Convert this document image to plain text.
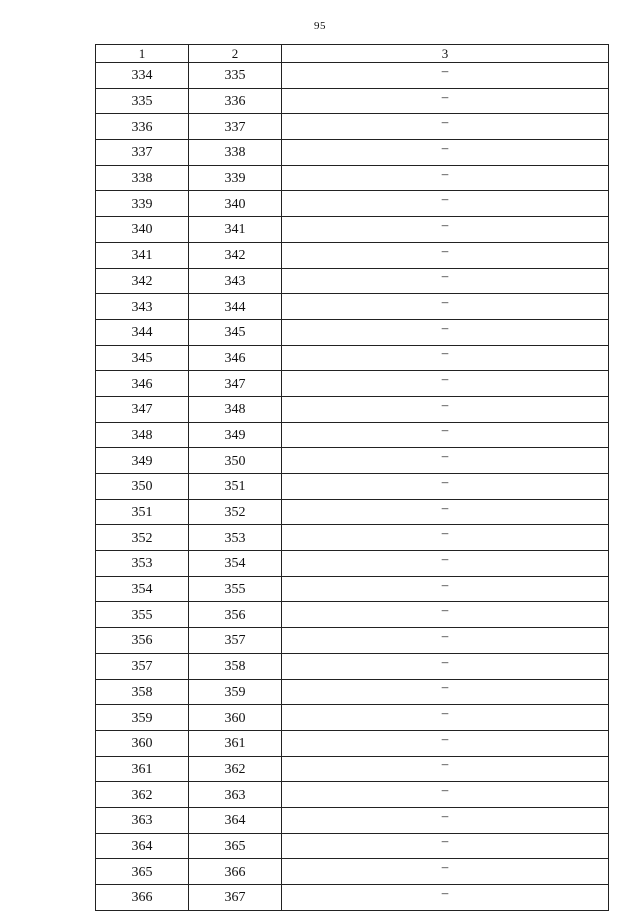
95
1	2	3
334	335	–
335	336	–
336	337	–
337	338	–
338	339	–
339	340	–
340	341	–
341	342	–
342	343	–
343	344	–
344	345	–
345	346	–
346	347	–
347	348	–
348	349	–
349	350	–
350	351	–
351	352	–
352	353	–
353	354	–
354	355	–
355	356	–
356	357	–
357	358	–
358	359	–
359	360	–
360	361	–
361	362	–
362	363	–
363	364	–
364	365	–
365	366	–
366	367	–
